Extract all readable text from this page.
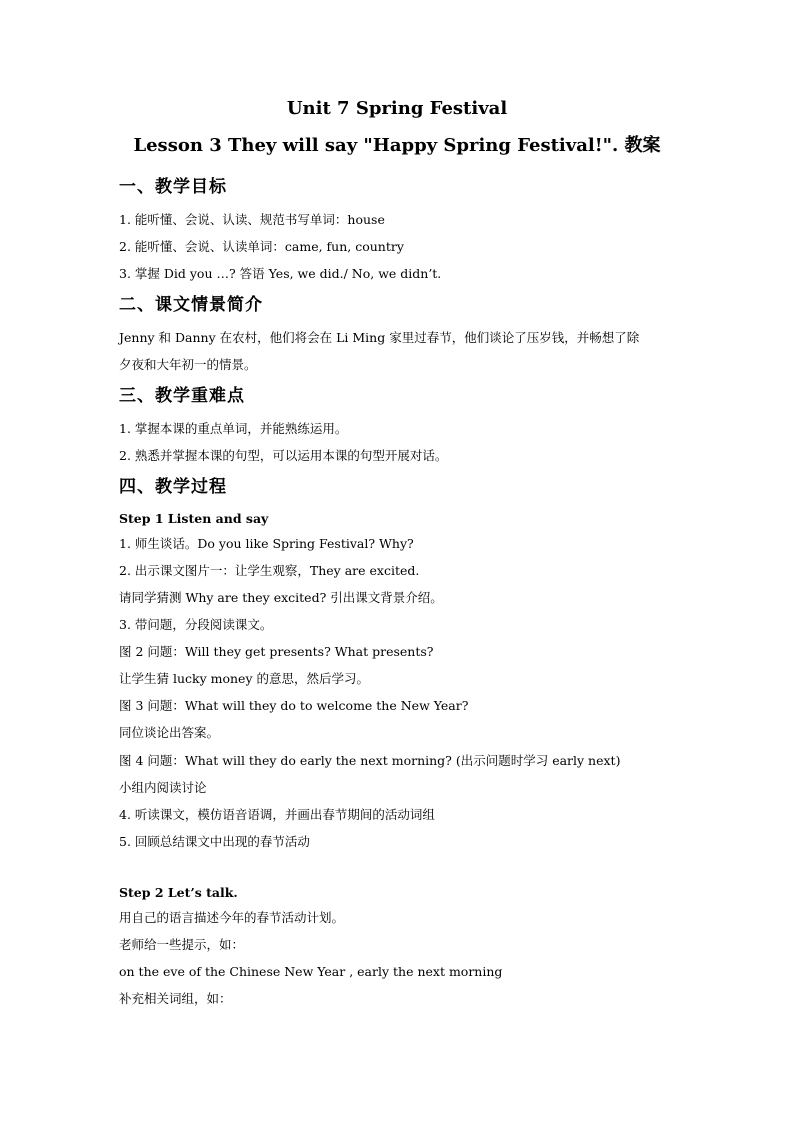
Unit 7 Spring Festival
Lesson 3 They will say "Happy Spring Festival!". 教案
一、教学目标
1. 能听懂、会说、认读、规范书写单词：house
2. 能听懂、会说、认读单词：came, fun, country
3. 掌握 Did you …? 答语 Yes, we did./ No, we didn’t.
二、课文情景简介
Jenny 和 Danny 在农村，他们将会在 Li Ming 家里过春节，他们谈论了压岁钱，并畅想了除
夕夜和大年初一的情景。
三、教学重难点
1. 掌握本课的重点单词，并能熟练运用。
2. 熟悉并掌握本课的句型，可以运用本课的句型开展对话。
四、教学过程
Step 1 Listen and say
1. 师生谈话。Do you like Spring Festival? Why?
2. 出示课文图片一：让学生观察，They are excited.
请同学猜测 Why are they excited? 引出课文背景介绍。
3. 带问题，分段阅读课文。
图 2 问题：Will they get presents? What presents?
让学生猜 lucky money 的意思，然后学习。
图 3 问题：What will they do to welcome the New Year?
同位谈论出答案。
图 4 问题：What will they do early the next morning? (出示问题时学习 early next)
小组内阅读讨论
4. 听读课文，模仿语音语调，并画出春节期间的活动词组
5. 回顾总结课文中出现的春节活动
Step 2 Let’s talk.
用自己的语言描述今年的春节活动计划。
老师给一些提示，如：
on the eve of the Chinese New Year , early the next morning
补充相关词组，如：
